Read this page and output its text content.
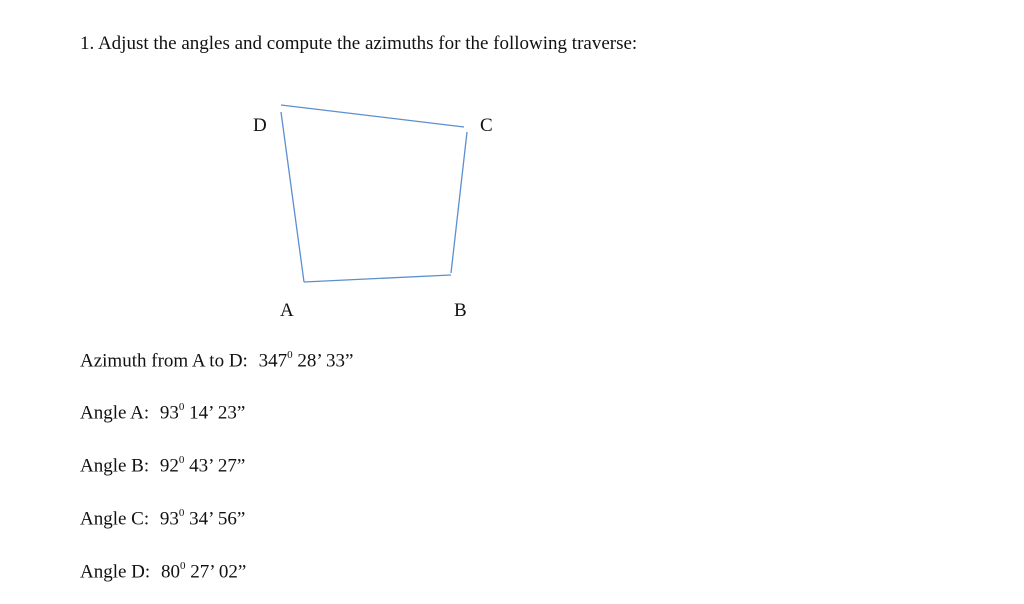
1. Adjust the angles and compute the azimuths for the following traverse:
D	C
A	B
Azimuth from A to D: $347^0$ 28’ 33”
Angle A: $93^0$ 14’ 23”
Angle B: $92^0$ 43’ 27”
Angle C: $93^0$ 34’ 56”
Angle D: $80^0$ 27’ 02”
